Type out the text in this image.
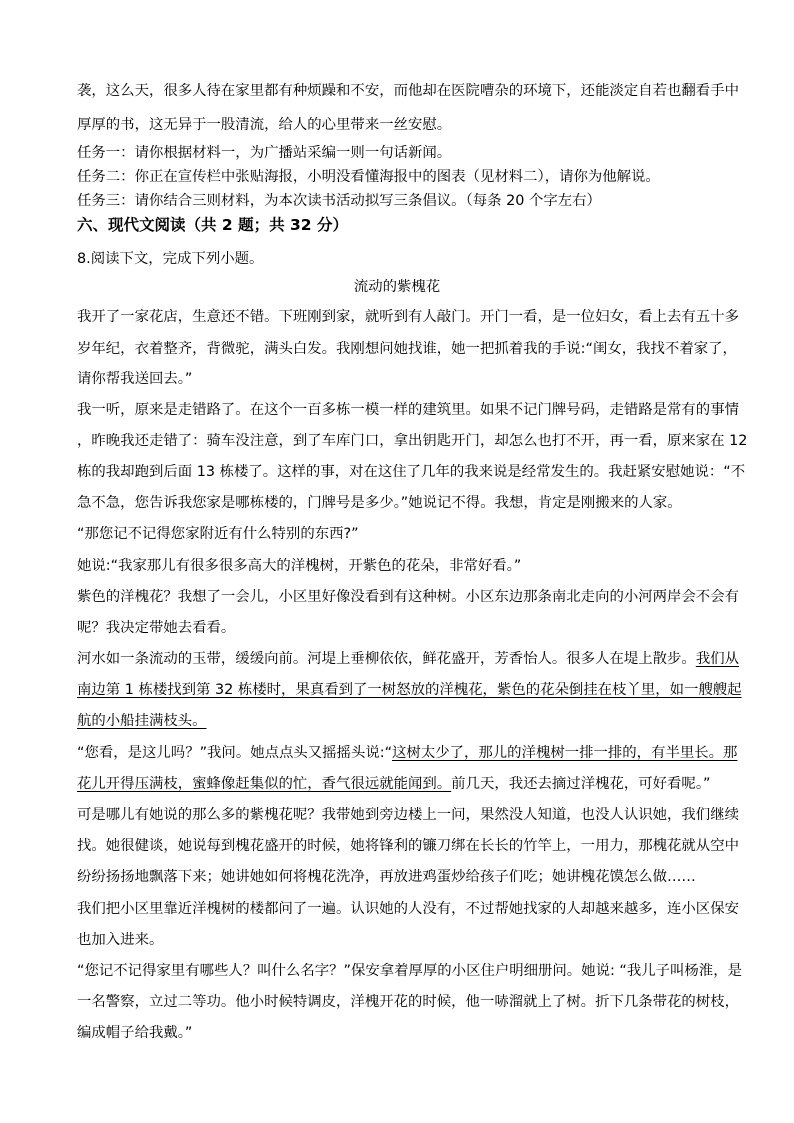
袭，这么天，很多人待在家里都有种烦躁和不安，而他却在医院嘈杂的环境下，还能淡定自若也翻看手中
厚厚的书，这无异于一股清流，给人的心里带来一丝安慰。
任务一：请你根据材料一，为广播站采编一则一句话新闻。
任务二：你正在宣传栏中张贴海报，小明没看懂海报中的图表（见材料二），请你为他解说。
任务三：请你结合三则材料，为本次读书活动拟写三条倡议。（每条 20 个字左右）
六、现代文阅读（共 2 题；共 32 分）
8.阅读下文，完成下列小题。
流动的紫槐花
我开了一家花店，生意还不错。下班刚到家，就听到有人敲门。开门一看，是一位妇女，看上去有五十多
岁年纪，衣着整齐，背微驼，满头白发。我刚想问她找谁，她一把抓着我的手说:“闺女，我找不着家了，
请你帮我送回去。”
我一听，原来是走错路了。在这个一百多栋一模一样的建筑里。如果不记门牌号码，走错路是常有的事情
，昨晚我还走错了：骑车没注意，到了车库门口，拿出钥匙开门，却怎么也打不开，再一看，原来家在 12
栋的我却跑到后面 13 栋楼了。这样的事，对在这住了几年的我来说是经常发生的。我赶紧安慰她说：“不
急不急，您告诉我您家是哪栋楼的，门牌号是多少。”她说记不得。我想，肯定是刚搬来的人家。
“那您记不记得您家附近有什么特别的东西?”
她说:“我家那儿有很多很多高大的洋槐树，开紫色的花朵，非常好看。”
紫色的洋槐花？我想了一会儿，小区里好像没看到有这种树。小区东边那条南北走向的小河两岸会不会有
呢？我决定带她去看看。
河水如一条流动的玉带，缓缓向前。河堤上垂柳依依，鲜花盛开，芳香怡人。很多人在堤上散步。我们从
南边第 1 栋楼找到第 32 栋楼时，果真看到了一树怒放的洋槐花，紫色的花朵倒挂在枝丫里，如一艘艘起
航的小船挂满枝头。
“您看，是这儿吗？”我问。她点点头又摇摇头说:“这树太少了，那儿的洋槐树一排一排的，有半里长。那
花儿开得压满枝，蜜蜂像赶集似的忙，香气很远就能闻到。前几天，我还去摘过洋槐花，可好看呢。”
可是哪儿有她说的那么多的紫槐花呢？我带她到旁边楼上一问，果然没人知道，也没人认识她，我们继续
找。她很健谈，她说每到槐花盛开的时候，她将锋利的镰刀绑在长长的竹竿上，一用力，那槐花就从空中
纷纷扬扬地飘落下来；她讲她如何将槐花洗净，再放进鸡蛋炒给孩子们吃；她讲槐花馍怎么做……
我们把小区里靠近洋槐树的楼都问了一遍。认识她的人没有，不过帮她找家的人却越来越多，连小区保安
也加入进来。
“您记不记得家里有哪些人？叫什么名字？”保安拿着厚厚的小区住户明细册问。她说: “我儿子叫杨淮，是
一名警察，立过二等功。他小时候特调皮，洋槐开花的时候，他一哧溜就上了树。折下几条带花的树枝，
编成帽子给我戴。”
